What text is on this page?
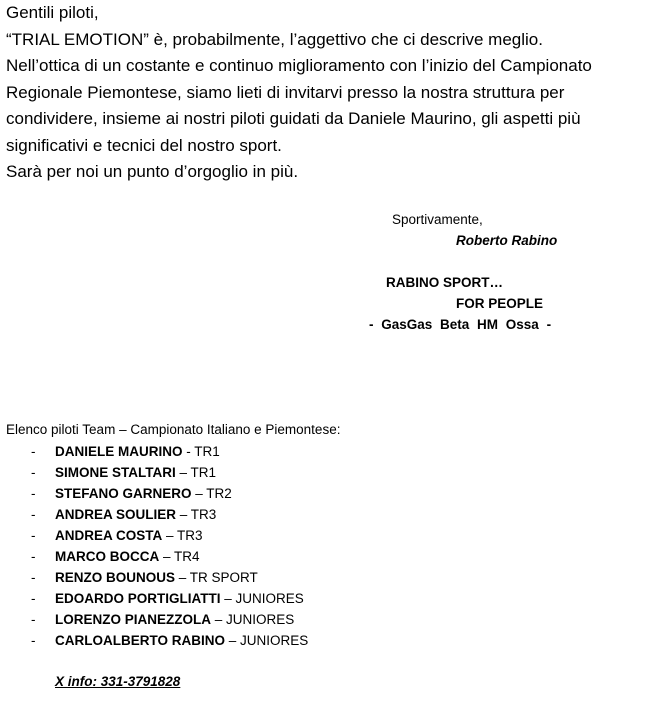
Gentili piloti,

“TRIAL EMOTION” è, probabilmente, l’aggettivo che ci descrive meglio.

Nell’ottica di un costante e continuo miglioramento con l’inizio del Campionato

Regionale Piemontese, siamo lieti di invitarvi presso la nostra struttura per

condividere, insieme ai nostri piloti guidati da Daniele Maurino, gli aspetti più

significativi e tecnici del nostro sport.

Sarà per noi un punto d’orgoglio in più.

Sportivamente,
Roberto Rabino
RABINO SPORT…
FOR PEOPLE
- GasGas Beta HM Ossa -
Elenco piloti Team – Campionato Italiano e Piemontese:
- DANIELE MAURINO - TR1
- SIMONE STALTARI – TR1
- STEFANO GARNERO – TR2
- ANDREA SOULIER – TR3
- ANDREA COSTA – TR3
- MARCO BOCCA – TR4
- RENZO BOUNOUS – TR SPORT
- EDOARDO PORTIGLIATTI – JUNIORES
- LORENZO PIANEZZOLA – JUNIORES
- CARLOALBERTO RABINO – JUNIORES
X info: 331-3791828
